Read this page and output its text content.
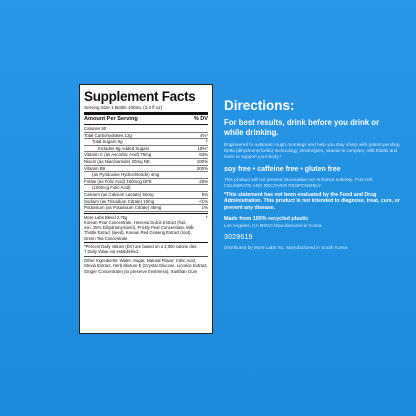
Supplement Facts
Serving Size 1 Bottle 100mL (3.4 fl oz)
Amount Per Serving	% DV
Calories 50
Total Carbohydrates 12g	4%*
Total Sugars 9g	†
Includes 9g Added Sugars	18%*
Vitamin C (as Ascorbic Acid) 75mg	83%
Niacin (as Niacinamide) 20mg NE	100%
Vitamin B6	200%
(as Pyridoxine Hydrochloride) 4mg
Folate (as Folic Acid) 160mcg DFE	25%
(100mcg Folic Acid)
Calcium (as Calcium Lactate) 50mg	5%
Sodium (as Trisodium Citrate) 10mg	<1%
Potassium (as Potassium Citrate) 45mg	1%
More Labs Blend 2.75g
Korean Pear Concentrate, Hovenia Dulcis Extract (fruit, min. 35% Dihydromyricetin), Prickly Pear Concentrate, Milk Thistle Extract (seed), Korean Red Ginseng Extract (root), Green Tea Concentrate
†
*Percent Daily Values (DV) are based on a 2,000 calorie diet.
† Daily Value not established.
Other Ingredients: Water, Sugar, Natural Flavor, Citric Acid, Stevia Extract, Herb Mixture E (Crystal Glucose, Licorice Extract, Ginger Concentrate) (to preserve freshness), Xanthan Gum
Directions:
For best results, drink before you drink or while drinking.
Engineered to outsmart rough mornings and help you stay sharp with patent pending DHM (dihydromyricetin) technology, electrolytes, vitamin B complex, milk thistle and more to support your body.*
soy free • caffeine free • gluten free
This product will not prevent intoxication nor enhance sobriety. PLEASE CELEBRATE AND RECOVER RESPONSIBLY.
*This statement has not been evaluated by the Food and Drug Administration. This product is not intended to diagnose, treat, cure, or prevent any disease.
Made from 100% recycled plastic
Los Angeles, CA 90010 Manufactured in Korea
3029619
Distributed by More Labs Inc. Manufactured in South Korea
